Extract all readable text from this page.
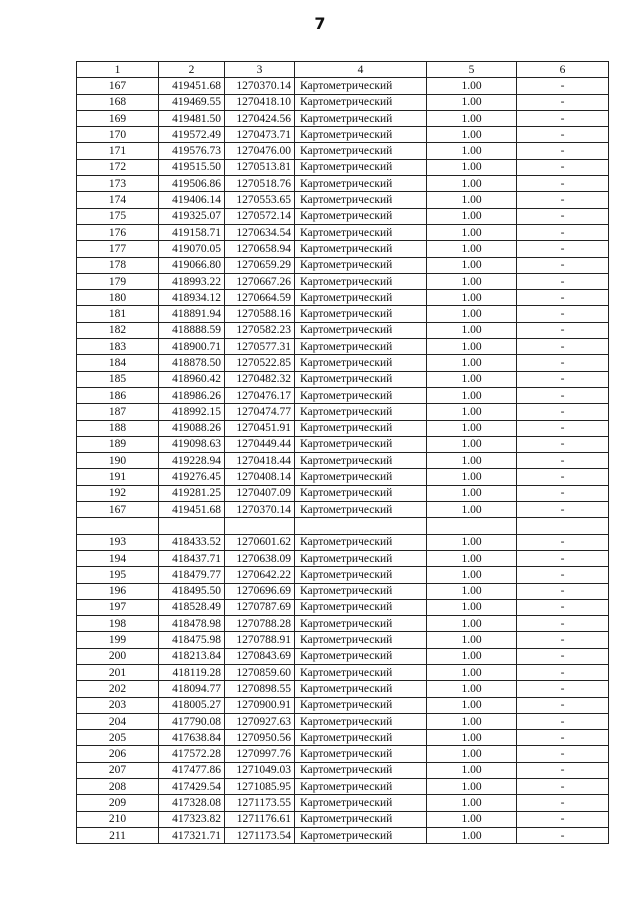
7
1	2	3	4	5	6
167	419451.68	1270370.14	Картометрический	1.00	-
168	419469.55	1270418.10	Картометрический	1.00	-
169	419481.50	1270424.56	Картометрический	1.00	-
170	419572.49	1270473.71	Картометрический	1.00	-
171	419576.73	1270476.00	Картометрический	1.00	-
172	419515.50	1270513.81	Картометрический	1.00	-
173	419506.86	1270518.76	Картометрический	1.00	-
174	419406.14	1270553.65	Картометрический	1.00	-
175	419325.07	1270572.14	Картометрический	1.00	-
176	419158.71	1270634.54	Картометрический	1.00	-
177	419070.05	1270658.94	Картометрический	1.00	-
178	419066.80	1270659.29	Картометрический	1.00	-
179	418993.22	1270667.26	Картометрический	1.00	-
180	418934.12	1270664.59	Картометрический	1.00	-
181	418891.94	1270588.16	Картометрический	1.00	-
182	418888.59	1270582.23	Картометрический	1.00	-
183	418900.71	1270577.31	Картометрический	1.00	-
184	418878.50	1270522.85	Картометрический	1.00	-
185	418960.42	1270482.32	Картометрический	1.00	-
186	418986.26	1270476.17	Картометрический	1.00	-
187	418992.15	1270474.77	Картометрический	1.00	-
188	419088.26	1270451.91	Картометрический	1.00	-
189	419098.63	1270449.44	Картометрический	1.00	-
190	419228.94	1270418.44	Картометрический	1.00	-
191	419276.45	1270408.14	Картометрический	1.00	-
192	419281.25	1270407.09	Картометрический	1.00	-
167	419451.68	1270370.14	Картометрический	1.00	-

193	418433.52	1270601.62	Картометрический	1.00	-
194	418437.71	1270638.09	Картометрический	1.00	-
195	418479.77	1270642.22	Картометрический	1.00	-
196	418495.50	1270696.69	Картометрический	1.00	-
197	418528.49	1270787.69	Картометрический	1.00	-
198	418478.98	1270788.28	Картометрический	1.00	-
199	418475.98	1270788.91	Картометрический	1.00	-
200	418213.84	1270843.69	Картометрический	1.00	-
201	418119.28	1270859.60	Картометрический	1.00	-
202	418094.77	1270898.55	Картометрический	1.00	-
203	418005.27	1270900.91	Картометрический	1.00	-
204	417790.08	1270927.63	Картометрический	1.00	-
205	417638.84	1270950.56	Картометрический	1.00	-
206	417572.28	1270997.76	Картометрический	1.00	-
207	417477.86	1271049.03	Картометрический	1.00	-
208	417429.54	1271085.95	Картометрический	1.00	-
209	417328.08	1271173.55	Картометрический	1.00	-
210	417323.82	1271176.61	Картометрический	1.00	-
211	417321.71	1271173.54	Картометрический	1.00	-
